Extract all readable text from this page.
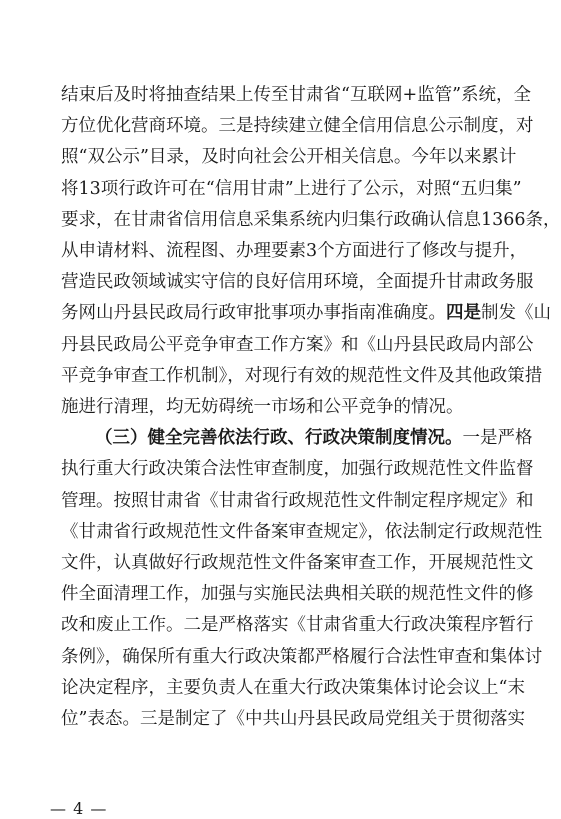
结束后及时将抽查结果上传至甘肃省“互联网+监管”系统，全
方位优化营商环境。三是持续建立健全信用信息公示制度，对
照“双公示”目录，及时向社会公开相关信息。今年以来累计
将13项行政许可在“信用甘肃”上进行了公示，对照“五归集”
要求，在甘肃省信用信息采集系统内归集行政确认信息1366条，
从申请材料、流程图、办理要素3个方面进行了修改与提升，
营造民政领域诚实守信的良好信用环境，全面提升甘肃政务服
务网山丹县民政局行政审批事项办事指南准确度。四是制发《山
丹县民政局公平竞争审查工作方案》和《山丹县民政局内部公
平竞争审查工作机制》，对现行有效的规范性文件及其他政策措
施进行清理，均无妨碍统一市场和公平竞争的情况。
（三）健全完善依法行政、行政决策制度情况。一是严格
执行重大行政决策合法性审查制度，加强行政规范性文件监督
管理。按照甘肃省《甘肃省行政规范性文件制定程序规定》和
《甘肃省行政规范性文件备案审查规定》，依法制定行政规范性
文件，认真做好行政规范性文件备案审查工作，开展规范性文
件全面清理工作，加强与实施民法典相关联的规范性文件的修
改和废止工作。二是严格落实《甘肃省重大行政决策程序暂行
条例》，确保所有重大行政决策都严格履行合法性审查和集体讨
论决定程序，主要负责人在重大行政决策集体讨论会议上“末
位”表态。三是制定了《中共山丹县民政局党组关于贯彻落实
— 4 —
